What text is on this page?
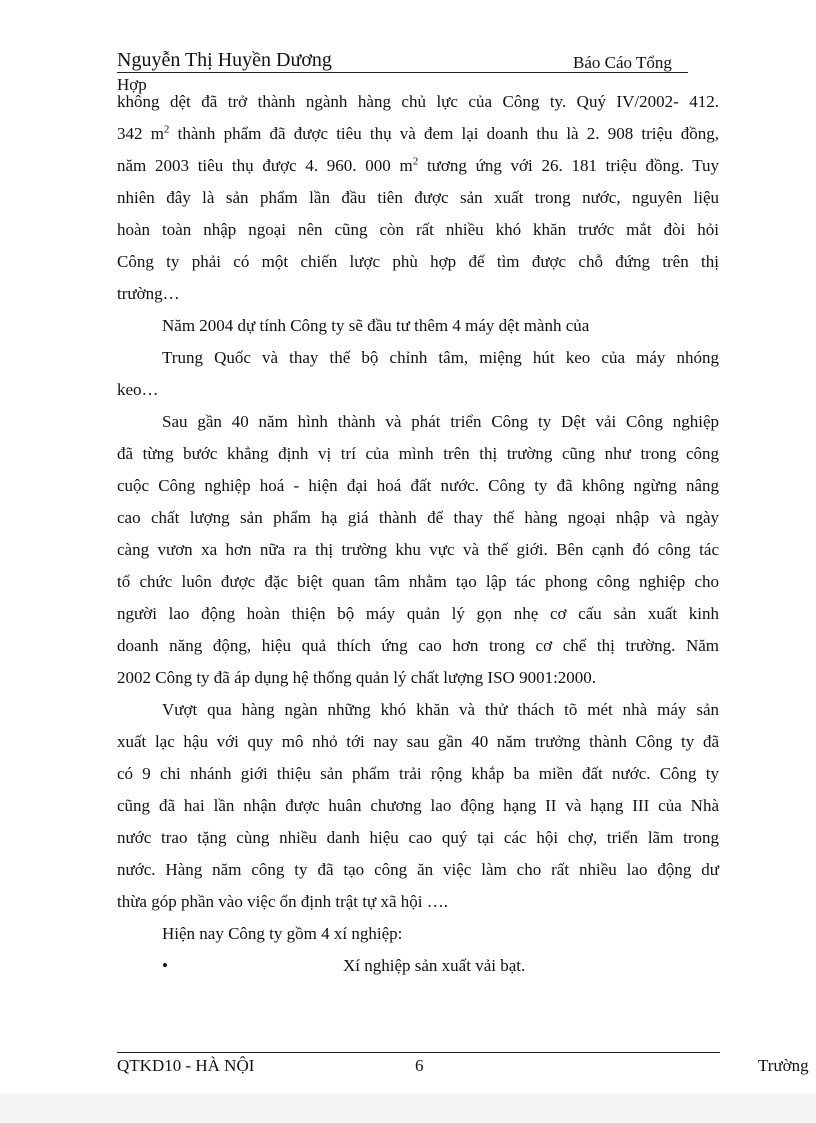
Nguyễn Thị Huyền Dương	Báo Cáo Tổng
Hợp
không dệt đã trở thành ngành hàng chủ lực của Công ty. Quý IV/2002- 412.
342 $m^2$ thành phẩm đã được tiêu thụ và đem lại doanh thu là 2. 908 triệu đồng,
năm 2003 tiêu thụ được 4. 960. 000 $m^2$ tương ứng với 26. 181 triệu đồng. Tuy
nhiên đây là sản phẩm lần đầu tiên được sản xuất trong nước, nguyên liệu
hoàn toàn nhập ngoại nên cũng còn rất nhiều khó khăn trước mắt đòi hỏi
Công ty phải có một chiến lược phù hợp để tìm được chỗ đứng trên thị
trường…
Năm 2004 dự tính Công ty sẽ đầu tư thêm 4 máy dệt mành của
Trung Quốc và thay thế bộ chỉnh tâm, miệng hút keo của máy nhóng
keo…
Sau gần 40 năm hình thành và phát triển Công ty Dệt vải Công nghiệp
đã từng bước khẳng định vị trí của mình trên thị trường cũng như trong công
cuộc Công nghiệp hoá - hiện đại hoá đất nước. Công ty đã không ngừng nâng
cao chất lượng sản phẩm hạ giá thành để thay thế hàng ngoại nhập và ngày
càng vươn xa hơn nữa ra thị trường khu vực và thế giới. Bên cạnh đó công tác
tổ chức luôn được đặc biệt quan tâm nhằm tạo lập tác phong công nghiệp cho
người lao động hoàn thiện bộ máy quản lý gọn nhẹ cơ cấu sản xuất kinh
doanh năng động, hiệu quả thích ứng cao hơn trong cơ chế thị trường. Năm
2002 Công ty đã áp dụng hệ thống quản lý chất lượng ISO 9001:2000.
Vượt qua hàng ngàn những khó khăn và thử thách tõ mét nhà máy sản
xuất lạc hậu với quy mô nhỏ tới nay sau gần 40 năm trưởng thành Công ty đã
có 9 chi nhánh giới thiệu sản phẩm trải rộng khắp ba miền đất nước. Công ty
cũng đã hai lần nhận được huân chương lao động hạng II và hạng III của Nhà
nước trao tặng cùng nhiều danh hiệu cao quý tại các hội chợ, triển lãm trong
nước. Hàng năm công ty đã tạo công ăn việc làm cho rất nhiều lao động dư
thừa góp phần vào việc ổn định trật tự xã hội ….
Hiện nay Công ty gồm 4 xí nghiệp:
•	Xí nghiệp sản xuất vải bạt.
QTKD10 - HÀ NỘI	6	Trường
